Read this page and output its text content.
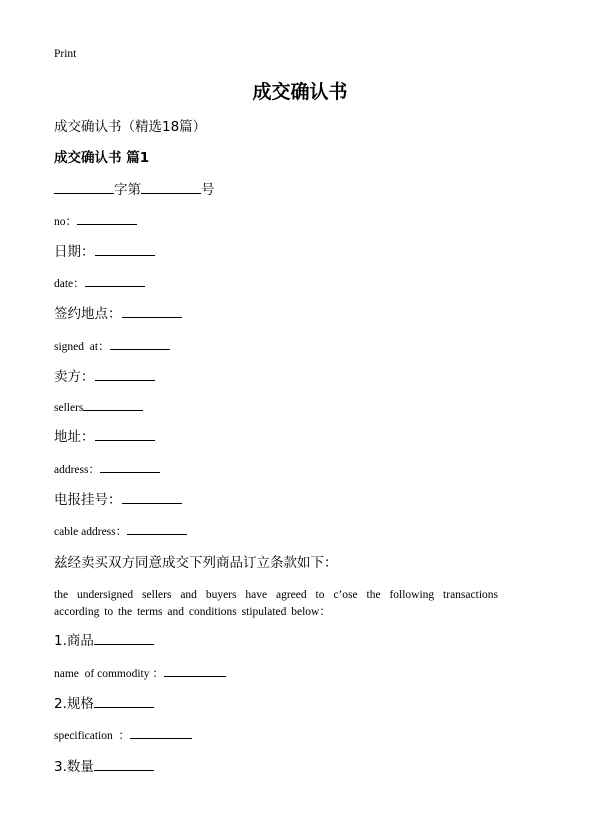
Print
成交确认书
成交确认书（精选18篇）
成交确认书 篇1
字第	号
no：
日期：
date：
签约地点：
signed  at：
卖方：
sellers
地址：
address：
电报挂号：
cable address：
兹经卖买双方同意成交下列商品订立条款如下：
the undersigned sellers and buyers have agreed to c’ose the following transactions according to the terms and conditions stipulated below：
1.商品
name  of commodity ：
2.规格
specification  ：
3.数量
